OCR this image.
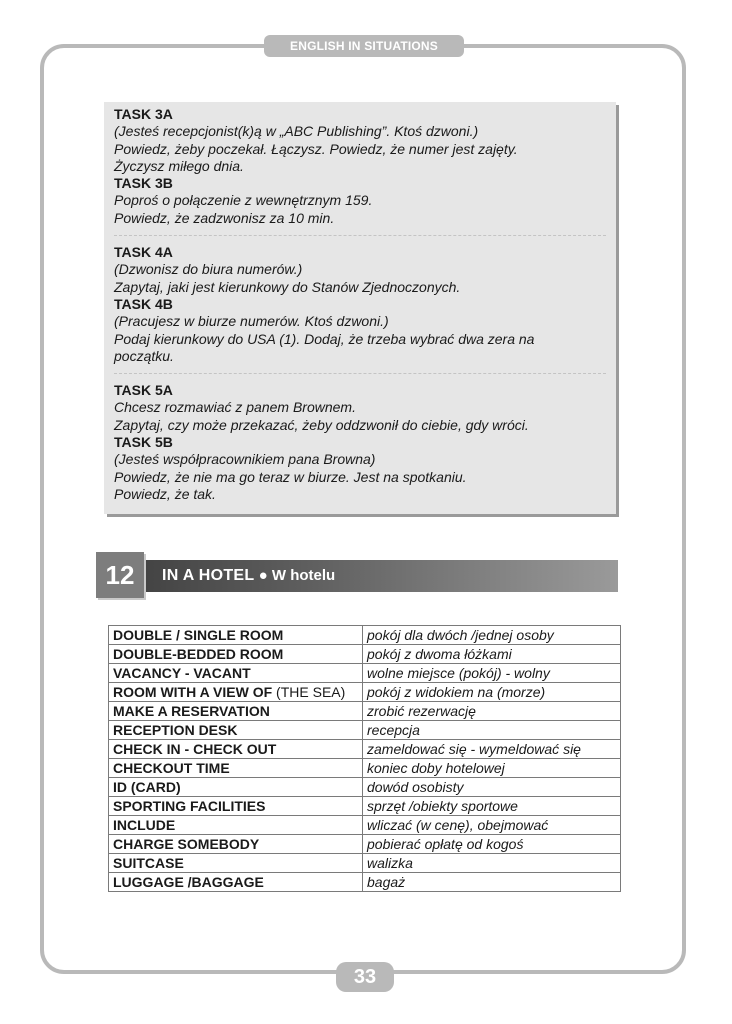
ENGLISH IN SITUATIONS
TASK 3A
(Jesteś recepcjonist(k)ą w „ABC Publishing”. Ktoś dzwoni.)
Powiedz, żeby poczekał. Łączysz. Powiedz, że numer jest zajęty.
Życzysz miłego dnia.
TASK 3B
Poproś o połączenie z wewnętrznym 159.
Powiedz, że zadzwonisz za 10 min.
TASK 4A
(Dzwonisz do biura numerów.)
Zapytaj, jaki jest kierunkowy do Stanów Zjednoczonych.
TASK 4B
(Pracujesz w biurze numerów. Ktoś dzwoni.)
Podaj kierunkowy do USA (1). Dodaj, że trzeba wybrać dwa zera na
początku.
TASK 5A
Chcesz rozmawiać z panem Brownem.
Zapytaj, czy może przekazać, żeby oddzwonił do ciebie, gdy wróci.
TASK 5B
(Jesteś współpracownikiem pana Browna)
Powiedz, że nie ma go teraz w biurze. Jest na spotkaniu.
Powiedz, że tak.
12	IN A HOTEL ● W hotelu
DOUBLE / SINGLE ROOM	pokój dla dwóch /jednej osoby
DOUBLE-BEDDED ROOM	pokój z dwoma łóżkami
VACANCY - VACANT	wolne miejsce (pokój) - wolny
ROOM WITH A VIEW OF (THE SEA)	pokój z widokiem na (morze)
MAKE A RESERVATION	zrobić rezerwację
RECEPTION DESK	recepcja
CHECK IN - CHECK OUT	zameldować się - wymeldować się
CHECKOUT TIME	koniec doby hotelowej
ID (CARD)	dowód osobisty
SPORTING FACILITIES	sprzęt /obiekty sportowe
INCLUDE	wliczać (w cenę), obejmować
CHARGE SOMEBODY	pobierać opłatę od kogoś
SUITCASE	walizka
LUGGAGE /BAGGAGE	bagaż
33
